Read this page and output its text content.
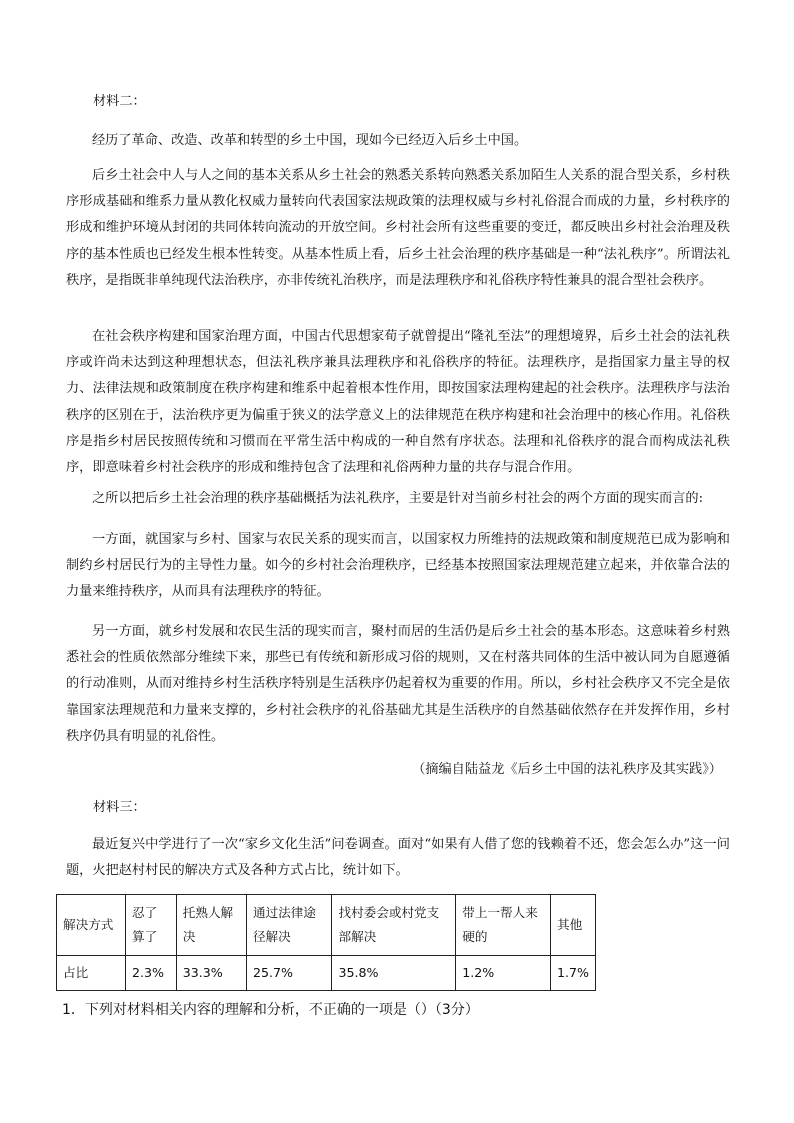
材料二：

经历了革命、改造、改革和转型的乡土中国，现如今已经迈入后乡土中国。

后乡土社会中人与人之间的基本关系从乡土社会的熟悉关系转向熟悉关系加陌生人关系的混合型关系，乡村秩序形成基础和维系力量从教化权威力量转向代表国家法规政策的法理权威与乡村礼俗混合而成的力量，乡村秩序的形成和维护环境从封闭的共同体转向流动的开放空间。乡村社会所有这些重要的变迁，都反映出乡村社会治理及秩序的基本性质也已经发生根本性转变。从基本性质上看，后乡土社会治理的秩序基础是一种“法礼秩序”。所谓法礼秩序，是指既非单纯现代法治秩序，亦非传统礼治秩序，而是法理秩序和礼俗秩序特性兼具的混合型社会秩序。

在社会秩序构建和国家治理方面，中国古代思想家荀子就曾提出“隆礼至法”的理想境界，后乡土社会的法礼秩序或许尚未达到这种理想状态，但法礼秩序兼具法理秩序和礼俗秩序的特征。法理秩序，是指国家力量主导的权力、法律法规和政策制度在秩序构建和维系中起着根本性作用，即按国家法理构建起的社会秩序。法理秩序与法治秩序的区别在于，法治秩序更为偏重于狭义的法学意义上的法律规范在秩序构建和社会治理中的核心作用。礼俗秩序是指乡村居民按照传统和习惯而在平常生活中构成的一种自然有序状态。法理和礼俗秩序的混合而构成法礼秩序，即意味着乡村社会秩序的形成和维持包含了法理和礼俗两种力量的共存与混合作用。

之所以把后乡土社会治理的秩序基础概括为法礼秩序，主要是针对当前乡村社会的两个方面的现实而言的:

一方面，就国家与乡村、国家与农民关系的现实而言，以国家权力所维持的法规政策和制度规范已成为影响和制约乡村居民行为的主导性力量。如今的乡村社会治理秩序，已经基本按照国家法理规范建立起来，并依靠合法的力量来维持秩序，从而具有法理秩序的特征。

另一方面，就乡村发展和农民生活的现实而言，聚村而居的生活仍是后乡土社会的基本形态。这意味着乡村熟悉社会的性质依然部分维续下来，那些已有传统和新形成习俗的规则，又在村落共同体的生活中被认同为自愿遵循的行动准则，从而对维持乡村生活秩序特别是生活秩序仍起着权为重要的作用。所以，乡村社会秩序又不完全是依靠国家法理规范和力量来支撑的，乡村社会秩序的礼俗基础尤其是生活秩序的自然基础依然存在并发挥作用，乡村秩序仍具有明显的礼俗性。

（摘编自陆益龙《后乡土中国的法礼秩序及其实践》）
材料三：

最近复兴中学进行了一次“家乡文化生活”问卷调查。面对“如果有人借了您的钱赖着不还，您会怎么办”这一问题，火把赵村村民的解决方式及各种方式占比，统计如下。

解决方式	忍了算了	托熟人解决	通过法律途径解决	找村委会或村党支部解决	带上一帮人来硬的	其他
占比	2.3%	33.3%	25.7%	35.8%	1.2%	1.7%
1．下列对材料相关内容的理解和分析，不正确的一项是（）（3分）
